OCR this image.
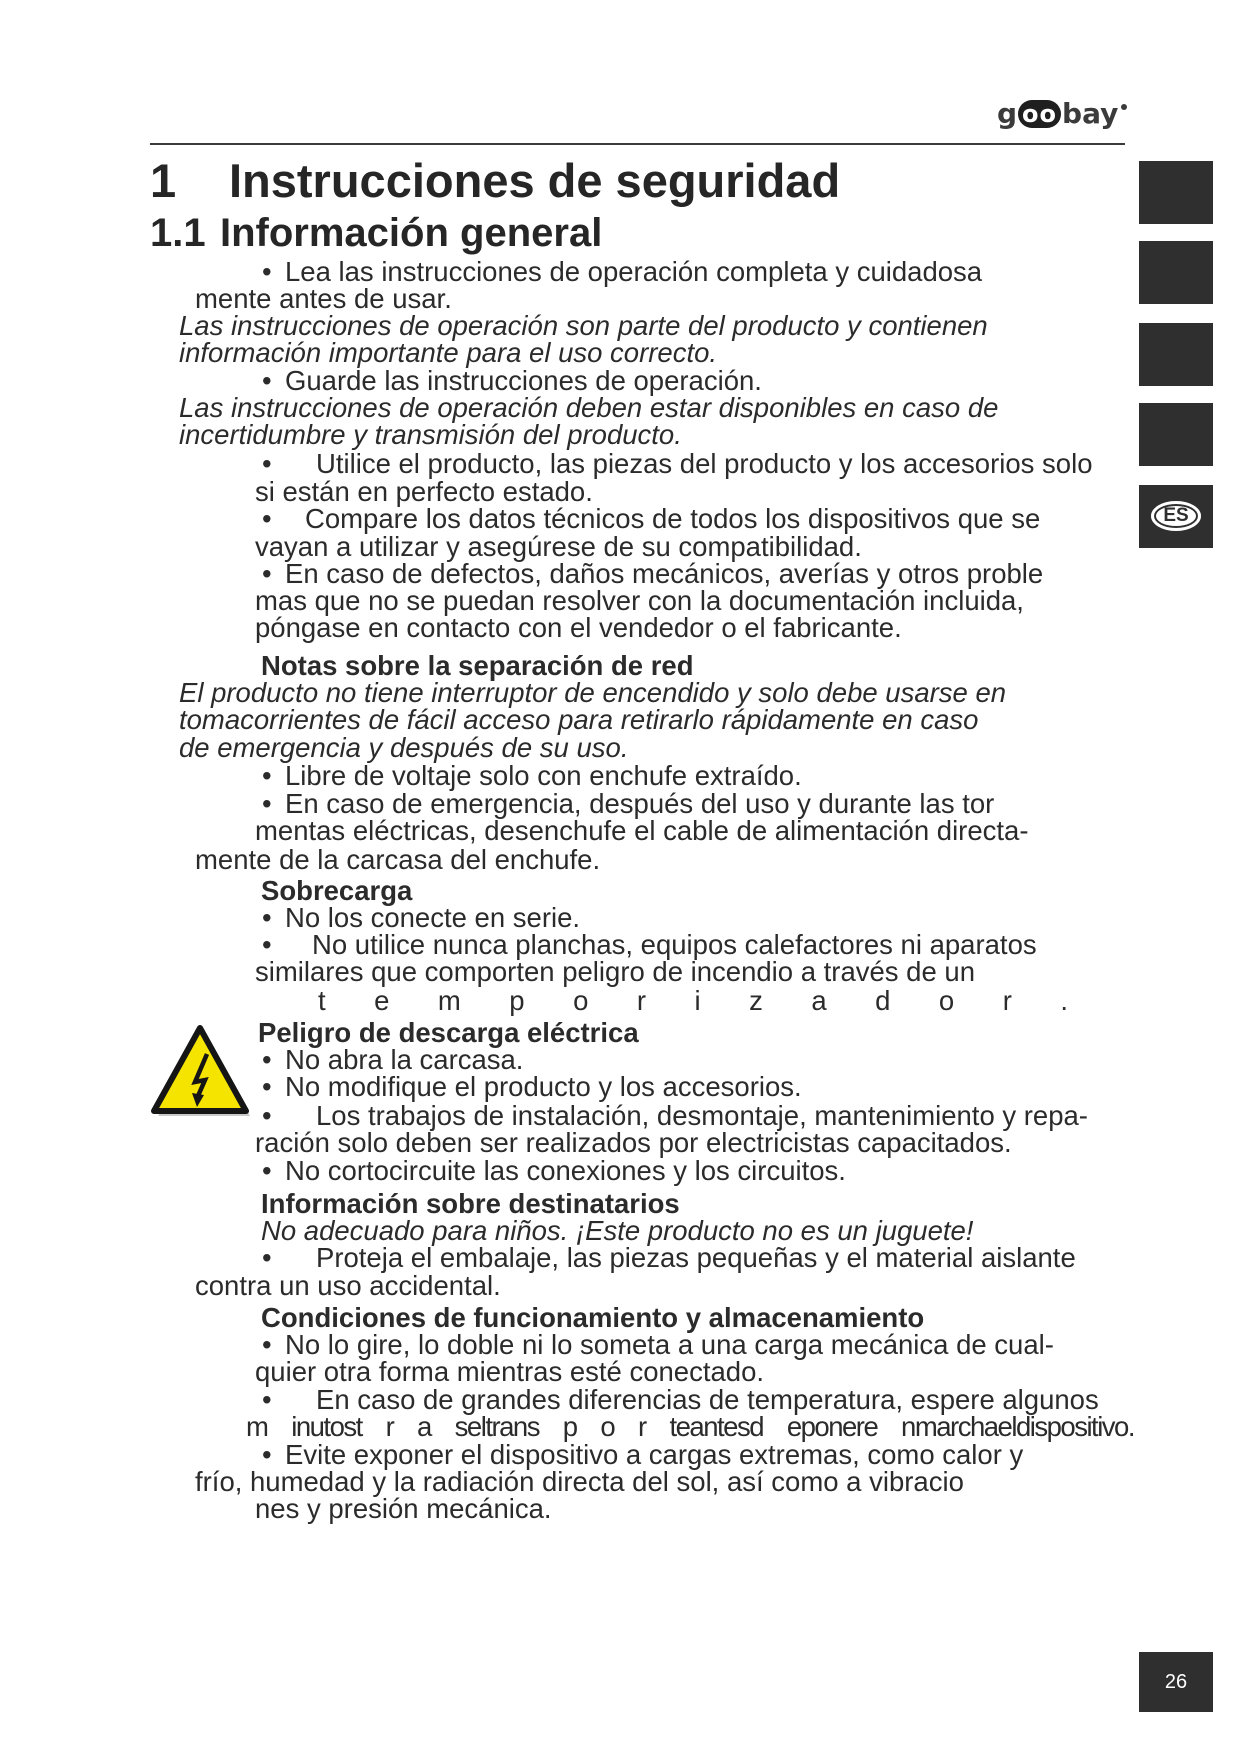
g oo bay
ES
1 Instrucciones de seguridad
1.1 Información general
• Lea las instrucciones de operación completa y cuidadosa
mente antes de usar.
Las instrucciones de operación son parte del producto y contienen
información importante para el uso correcto.
• Guarde las instrucciones de operación.
Las instrucciones de operación deben estar disponibles en caso de
incertidumbre y transmisión del producto.
• Utilice el producto, las piezas del producto y los accesorios solo
si están en perfecto estado.
• Compare los datos técnicos de todos los dispositivos que se
vayan a utilizar y asegúrese de su compatibilidad.
• En caso de defectos, daños mecánicos, averías y otros proble
mas que no se puedan resolver con la documentación incluida,
póngase en contacto con el vendedor o el fabricante.
Notas sobre la separación de red
El producto no tiene interruptor de encendido y solo debe usarse en
tomacorrientes de fácil acceso para retirarlo rápidamente en caso
de emergencia y después de su uso.
• Libre de voltaje solo con enchufe extraído.
• En caso de emergencia, después del uso y durante las tor
mentas eléctricas, desenchufe el cable de alimentación directa-
mente de la carcasa del enchufe.
Sobrecarga
• No los conecte en serie.
• No utilice nunca planchas, equipos calefactores ni aparatos
similares que comporten peligro de incendio a través de un
t e m p o r i z a d o r .
Peligro de descarga eléctrica
• No abra la carcasa.
• No modifique el producto y los accesorios.
• Los trabajos de instalación, desmontaje, mantenimiento y repa-
ración solo deben ser realizados por electricistas capacitados.
• No cortocircuite las conexiones y los circuitos.
Información sobre destinatarios
No adecuado para niños. ¡Este producto no es un juguete!
• Proteja el embalaje, las piezas pequeñas y el material aislante
contra un uso accidental.
Condiciones de funcionamiento y almacenamiento
• No lo gire, lo doble ni lo someta a una carga mecánica de cual-
quier otra forma mientras esté conectado.
• En caso de grandes diferencias de temperatura, espere algunos
m inutost r a seltrans p o r teantesd eponere nmarchaeldispositivo.
• Evite exponer el dispositivo a cargas extremas, como calor y
frío, humedad y la radiación directa del sol, así como a vibracio
nes y presión mecánica.
26
